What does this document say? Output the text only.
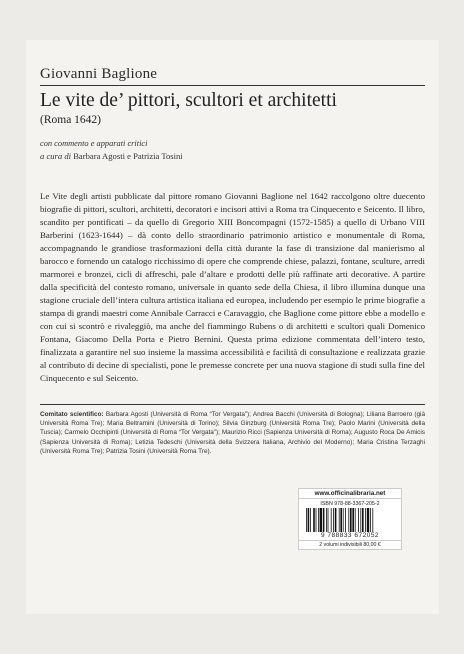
Giovanni Baglione
Le vite de’ pittori, scultori et architetti
(Roma 1642)
con commento e apparati critici
a cura di Barbara Agosti e Patrizia Tosini
Le Vite degli artisti pubblicate dal pittore romano Giovanni Baglione nel 1642 raccolgono oltre duecento biografie di pittori, scultori, architetti, decoratori e incisori attivi a Roma tra Cinquecento e Seicento. Il libro, scandito per pontificati – da quello di Gregorio XIII Boncompagni (1572-1585) a quello di Urbano VIII Barberini (1623-1644) – dà conto dello straordinario patrimonio artistico e monumentale di Roma, accompagnando le grandiose trasformazioni della città durante la fase di transizione dal manierismo al barocco e fornendo un catalogo ricchissimo di opere che comprende chiese, palazzi, fontane, sculture, arredi marmorei e bronzei, cicli di affreschi, pale d’altare e prodotti delle più raffinate arti decorative. A partire dalla specificità del contesto romano, universale in quanto sede della Chiesa, il libro illumina dunque una stagione cruciale dell’intera cultura artistica italiana ed europea, includendo per esempio le prime biografie a stampa di grandi maestri come Annibale Carracci e Caravaggio, che Baglione come pittore ebbe a modello e con cui si scontrò e rivaleggiò, ma anche del fiammingo Rubens o di architetti e scultori quali Domenico Fontana, Giacomo Della Porta e Pietro Bernini. Questa prima edizione commentata dell’intero testo, finalizzata a garantire nel suo insieme la massima accessibilità e facilità di consultazione e realizzata grazie al contributo di decine di specialisti, pone le premesse concrete per una nuova stagione di studi sulla fine del Cinquecento e sul Seicento.
Comitato scientifico: Barbara Agosti (Università di Roma “Tor Vergata”); Andrea Bacchi (Università di Bologna); Liliana Barroero (già Università Roma Tre); Maria Beltramini (Università di Torino); Silvia Ginzburg (Università Roma Tre); Paolo Marini (Università della Tuscia); Carmelo Occhipinti (Università di Roma “Tor Vergata”); Maurizio Ricci (Sapienza Università di Roma); Augusto Roca De Amicis (Sapienza Università di Roma); Letizia Tedeschi (Università della Svizzera Italiana, Archivio del Moderno); Maria Cristina Terzaghi (Università Roma Tre); Patrizia Tosini (Università Roma Tre).
www.officinalibraria.net
ISBN 978-88-3367-205-2
9 788833 672052
2 volumi indivisibili 80,00 €
